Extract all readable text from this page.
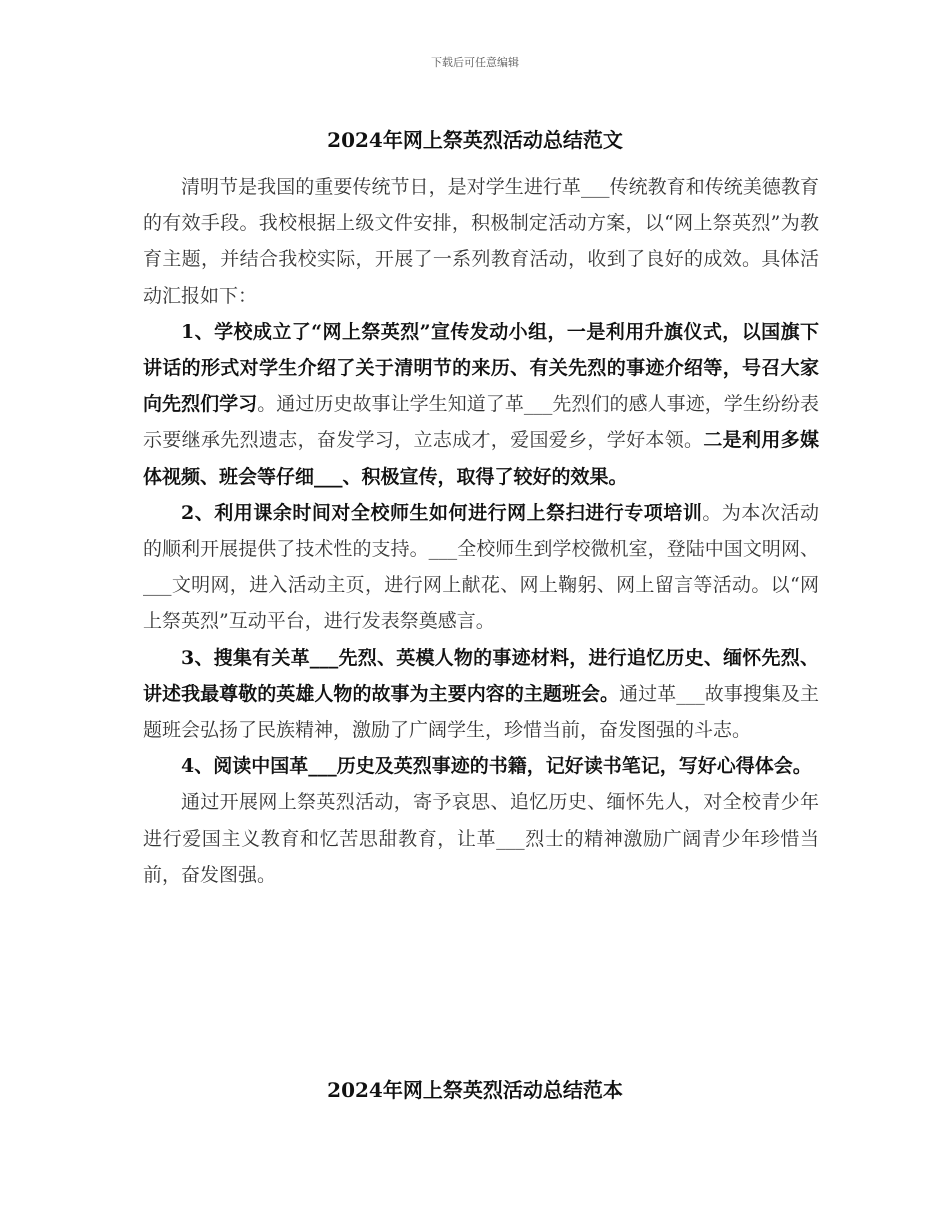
下载后可任意编辑
2024年网上祭英烈活动总结范文

清明节是我国的重要传统节日，是对学生进行革___传统教育和传统美德教育的有效手段。我校根据上级文件安排，积极制定活动方案，以“网上祭英烈”为教育主题，并结合我校实际，开展了一系列教育活动，收到了良好的成效。具体活动汇报如下：

1、学校成立了“网上祭英烈”宣传发动小组，一是利用升旗仪式，以国旗下讲话的形式对学生介绍了关于清明节的来历、有关先烈的事迹介绍等，号召大家向先烈们学习。通过历史故事让学生知道了革___先烈们的感人事迹，学生纷纷表示要继承先烈遗志，奋发学习，立志成才，爱国爱乡，学好本领。二是利用多媒体视频、班会等仔细___、积极宣传，取得了较好的效果。

2、利用课余时间对全校师生如何进行网上祭扫进行专项培训。为本次活动的顺利开展提供了技术性的支持。___全校师生到学校微机室，登陆中国文明网、___文明网，进入活动主页，进行网上献花、网上鞠躬、网上留言等活动。以“网上祭英烈”互动平台，进行发表祭奠感言。

3、搜集有关革___先烈、英模人物的事迹材料，进行追忆历史、缅怀先烈、讲述我最尊敬的英雄人物的故事为主要内容的主题班会。通过革___故事搜集及主题班会弘扬了民族精神，激励了广阔学生，珍惜当前，奋发图强的斗志。

4、阅读中国革___历史及英烈事迹的书籍，记好读书笔记，写好心得体会。

通过开展网上祭英烈活动，寄予哀思、追忆历史、缅怀先人，对全校青少年进行爱国主义教育和忆苦思甜教育，让革___烈士的精神激励广阔青少年珍惜当前，奋发图强。

2024年网上祭英烈活动总结范本
